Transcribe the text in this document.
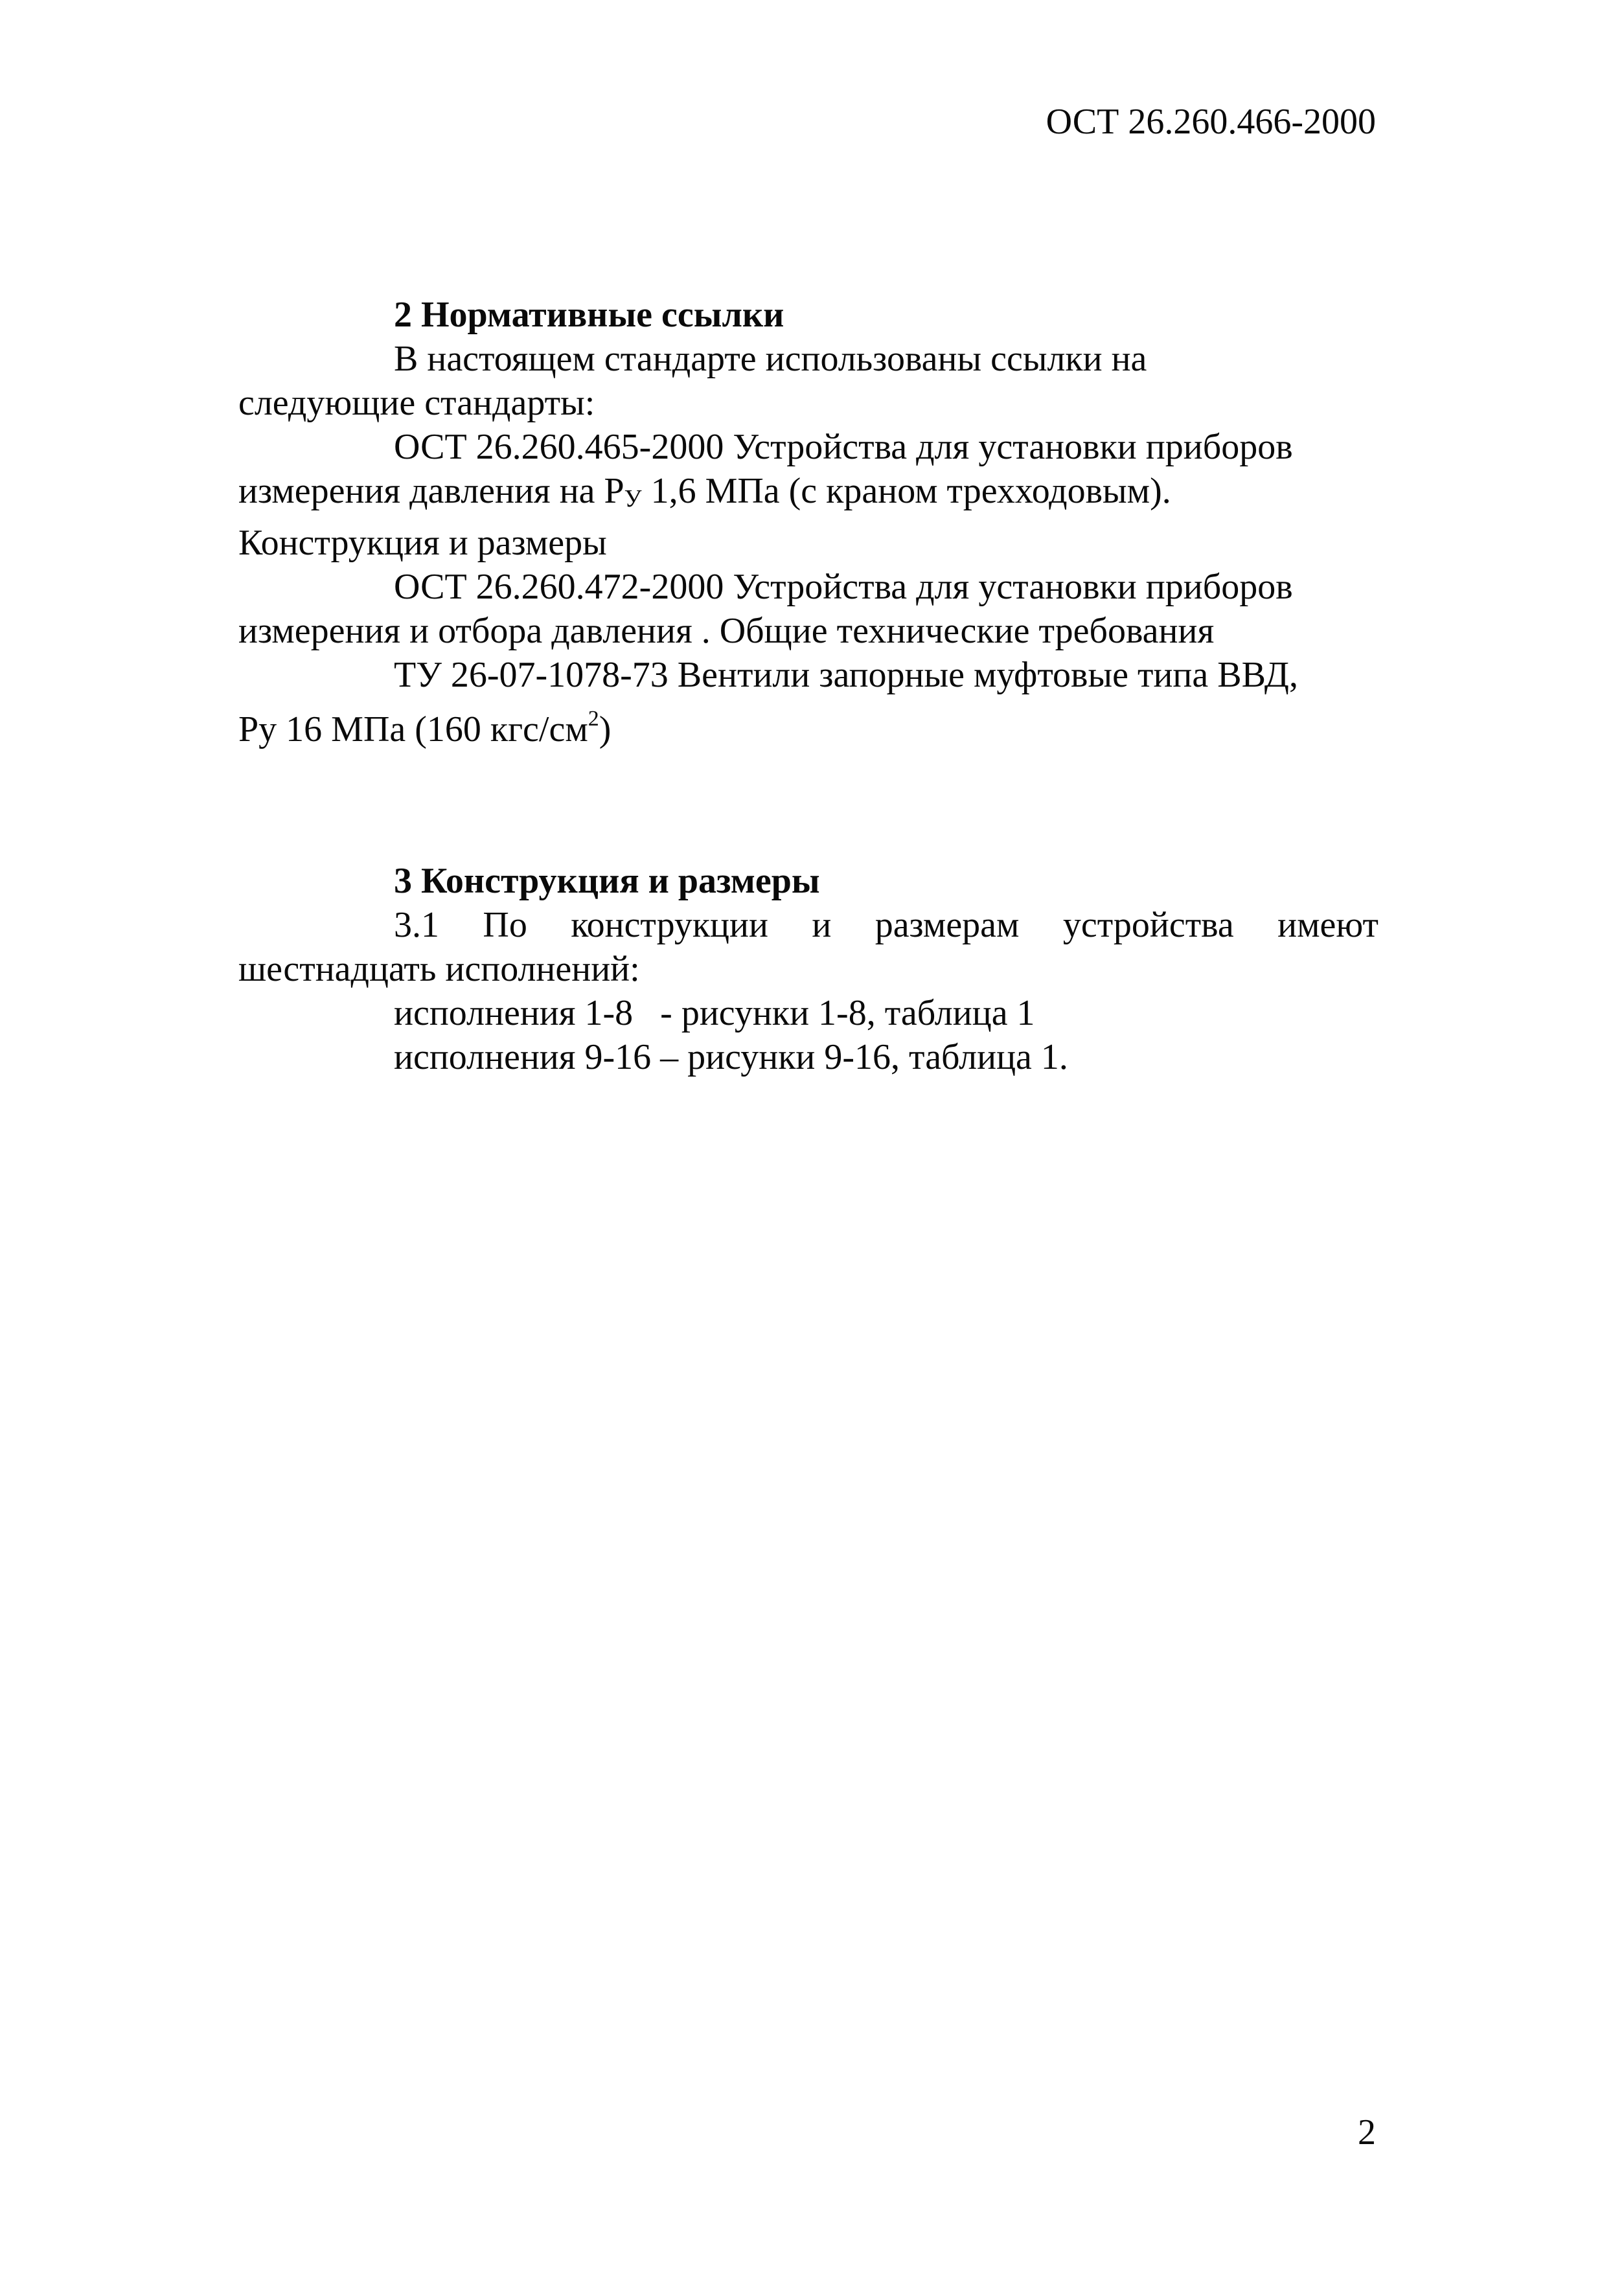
ОСТ 26.260.466-2000

2 Нормативные ссылки

В настоящем стандарте использованы ссылки на

следующие стандарты:

ОСТ 26.260.465-2000 Устройства для установки приборов

измерения давления на РУ 1,6 МПа (с краном трехходовым).

Конструкция и размеры

ОСТ 26.260.472-2000 Устройства для установки приборов

измерения и отбора давления . Общие технические требования

ТУ 26-07-1078-73 Вентили запорные муфтовые типа ВВД,

Ру 16 МПа (160 кгс/$см^2$)

3 Конструкция и размеры

3.1 По конструкции и размерам устройства имеют

шестнадцать исполнений:

исполнения 1-8   - рисунки 1-8, таблица 1

исполнения 9-16 – рисунки 9-16, таблица 1.

2
